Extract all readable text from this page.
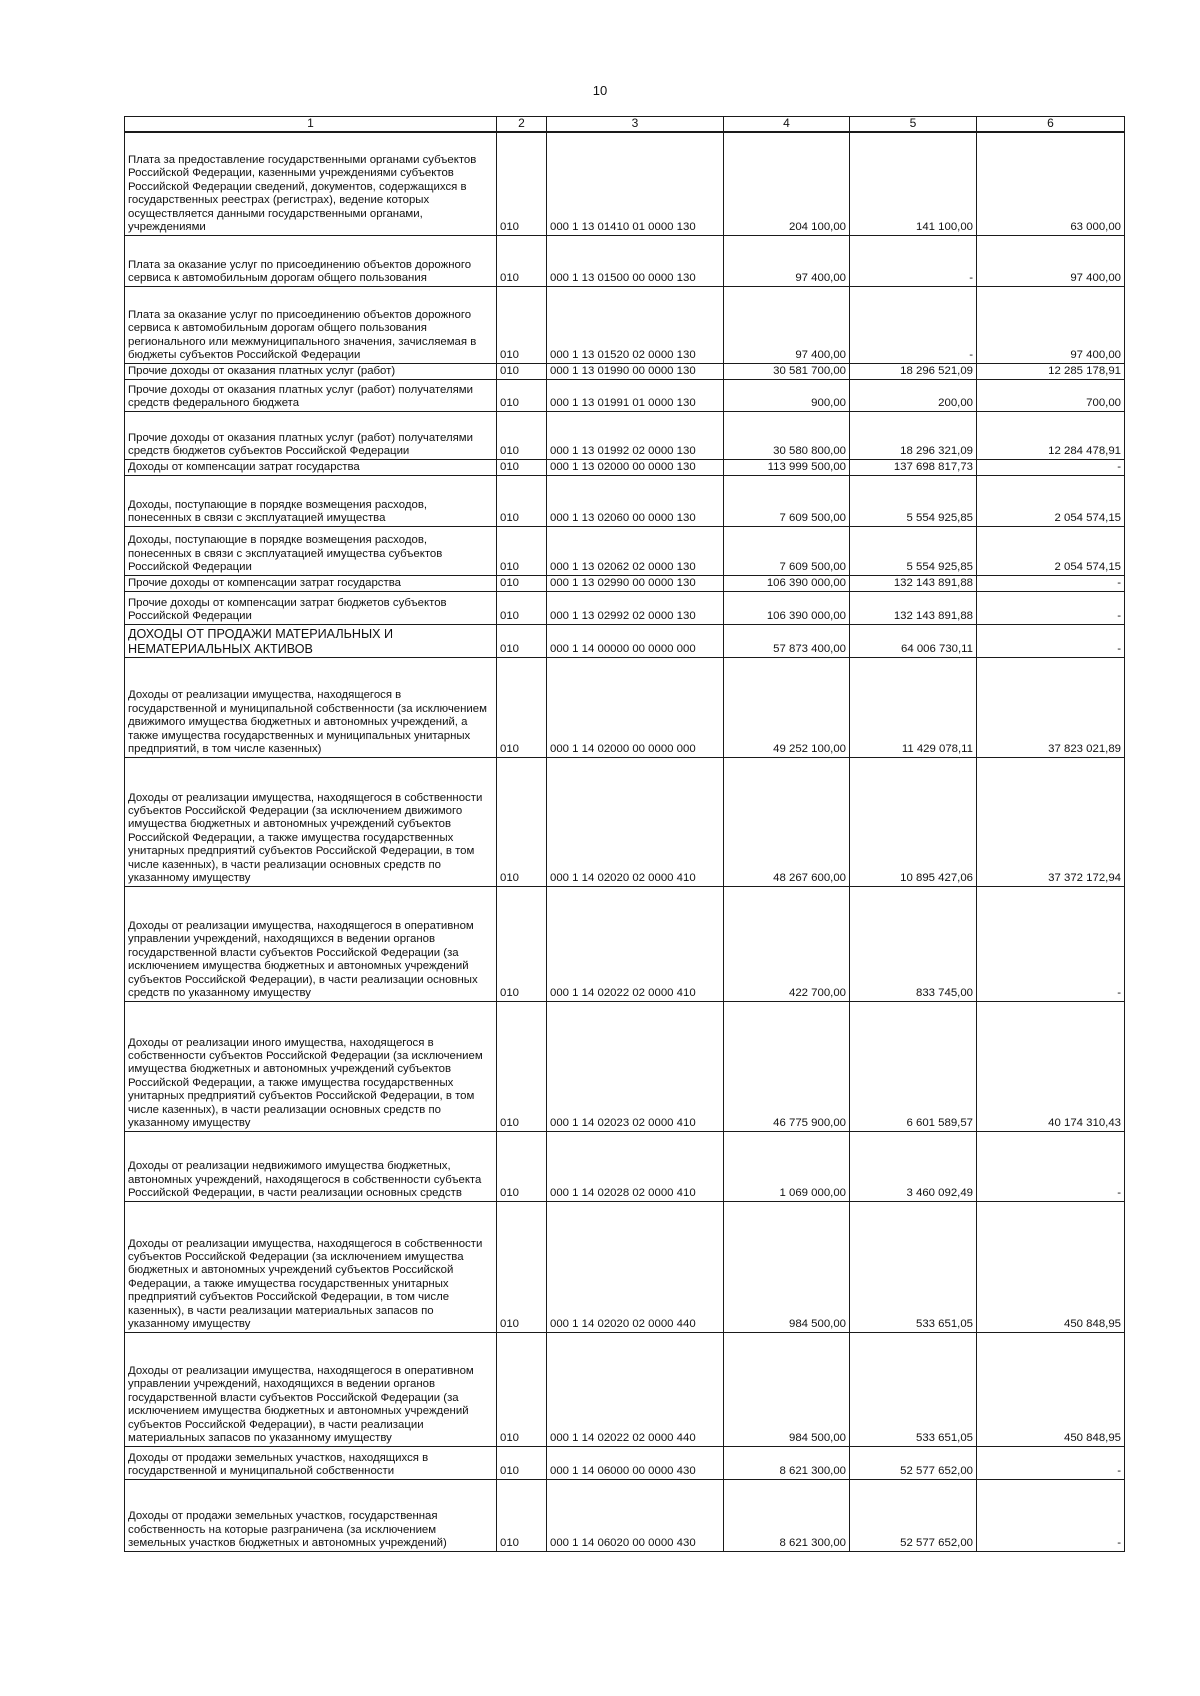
10
1	2	3	4	5	6
Плата за предоставление государственными органами субъектов Российской Федерации, казенными учреждениями субъектов Российской Федерации сведений, документов, содержащихся в государственных реестрах (регистрах), ведение которых осуществляется данными государственными органами, учреждениями	010	000 1 13 01410 01 0000 130	204 100,00	141 100,00	63 000,00
Плата за оказание услуг по присоединению объектов дорожного сервиса к автомобильным дорогам общего пользования	010	000 1 13 01500 00 0000 130	97 400,00	-	97 400,00
Плата за оказание услуг по присоединению объектов дорожного сервиса к автомобильным дорогам общего пользования регионального или межмуниципального значения, зачисляемая в бюджеты субъектов Российской Федерации	010	000 1 13 01520 02 0000 130	97 400,00	-	97 400,00
Прочие доходы от оказания платных услуг (работ)	010	000 1 13 01990 00 0000 130	30 581 700,00	18 296 521,09	12 285 178,91
Прочие доходы от оказания платных услуг (работ) получателями средств федерального бюджета	010	000 1 13 01991 01 0000 130	900,00	200,00	700,00
Прочие доходы от оказания платных услуг (работ) получателями средств бюджетов субъектов Российской Федерации	010	000 1 13 01992 02 0000 130	30 580 800,00	18 296 321,09	12 284 478,91
Доходы от компенсации затрат государства	010	000 1 13 02000 00 0000 130	113 999 500,00	137 698 817,73	-
Доходы, поступающие в порядке возмещения расходов, понесенных в связи с эксплуатацией имущества	010	000 1 13 02060 00 0000 130	7 609 500,00	5 554 925,85	2 054 574,15
Доходы, поступающие в порядке возмещения расходов, понесенных в связи с эксплуатацией имущества субъектов Российской Федерации	010	000 1 13 02062 02 0000 130	7 609 500,00	5 554 925,85	2 054 574,15
Прочие доходы от компенсации затрат государства	010	000 1 13 02990 00 0000 130	106 390 000,00	132 143 891,88	-
Прочие доходы от компенсации затрат бюджетов субъектов Российской Федерации	010	000 1 13 02992 02 0000 130	106 390 000,00	132 143 891,88	-
ДОХОДЫ ОТ ПРОДАЖИ МАТЕРИАЛЬНЫХ И НЕМАТЕРИАЛЬНЫХ АКТИВОВ	010	000 1 14 00000 00 0000 000	57 873 400,00	64 006 730,11	-
Доходы от реализации имущества, находящегося в государственной и муниципальной собственности (за исключением движимого имущества бюджетных и автономных учреждений, а также имущества государственных и муниципальных унитарных предприятий, в том числе казенных)	010	000 1 14 02000 00 0000 000	49 252 100,00	11 429 078,11	37 823 021,89
Доходы от реализации имущества, находящегося в собственности субъектов Российской Федерации (за исключением движимого имущества бюджетных и автономных учреждений субъектов Российской Федерации, а также имущества государственных унитарных предприятий субъектов Российской Федерации, в том числе казенных), в части реализации основных средств по указанному имуществу	010	000 1 14 02020 02 0000 410	48 267 600,00	10 895 427,06	37 372 172,94
Доходы от реализации имущества, находящегося в оперативном управлении учреждений, находящихся в ведении органов государственной власти субъектов Российской Федерации (за исключением имущества бюджетных и автономных учреждений субъектов Российской Федерации), в части реализации основных средств по указанному имуществу	010	000 1 14 02022 02 0000 410	422 700,00	833 745,00	-
Доходы от реализации иного имущества, находящегося в собственности субъектов Российской Федерации (за исключением имущества бюджетных и автономных учреждений субъектов Российской Федерации, а также имущества государственных унитарных предприятий субъектов Российской Федерации, в том числе казенных), в части реализации основных средств по указанному имуществу	010	000 1 14 02023 02 0000 410	46 775 900,00	6 601 589,57	40 174 310,43
Доходы от реализации недвижимого имущества бюджетных, автономных учреждений, находящегося в собственности субъекта Российской Федерации, в части реализации основных средств	010	000 1 14 02028 02 0000 410	1 069 000,00	3 460 092,49	-
Доходы от реализации имущества, находящегося в собственности субъектов Российской Федерации (за исключением имущества бюджетных и автономных учреждений субъектов Российской Федерации, а также имущества государственных унитарных предприятий субъектов Российской Федерации, в том числе казенных), в части реализации материальных запасов по указанному имуществу	010	000 1 14 02020 02 0000 440	984 500,00	533 651,05	450 848,95
Доходы от реализации имущества, находящегося в оперативном управлении учреждений, находящихся в ведении органов государственной власти субъектов Российской Федерации (за исключением имущества бюджетных и автономных учреждений субъектов Российской Федерации), в части реализации материальных запасов по указанному имуществу	010	000 1 14 02022 02 0000 440	984 500,00	533 651,05	450 848,95
Доходы от продажи земельных участков, находящихся в государственной и муниципальной собственности	010	000 1 14 06000 00 0000 430	8 621 300,00	52 577 652,00	-
Доходы от продажи земельных участков, государственная собственность на которые разграничена (за исключением земельных участков бюджетных и автономных учреждений)	010	000 1 14 06020 00 0000 430	8 621 300,00	52 577 652,00	-
